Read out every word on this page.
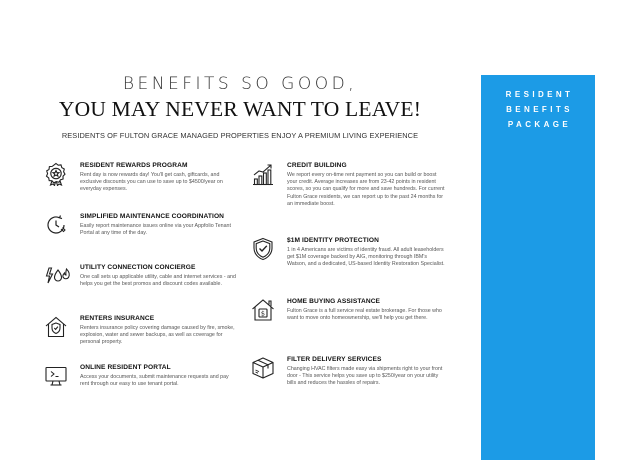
BENEFITS SO GOOD,
YOU MAY NEVER WANT TO LEAVE!
RESIDENTS OF FULTON GRACE MANAGED PROPERTIES ENJOY A PREMIUM LIVING EXPERIENCE
RESIDENT
BENEFITS
PACKAGE
RESIDENT REWARDS PROGRAM
Rent day is now rewards day! You'll get cash, giftcards, and exclusive discounts you can use to save up to $4500/year on everyday expenses.
SIMPLIFIED MAINTENANCE COORDINATION
Easily report maintenance issues online via your Appfolio Tenant Portal at any time of the day.
UTILITY CONNECTION CONCIERGE
One call sets up applicable utility, cable and internet services - and helps you get the best promos and discount codes available.
RENTERS INSURANCE
Renters insurance policy covering damage caused by fire, smoke, explosion, water and sewer backups, as well as coverage for personal property.
ONLINE RESIDENT PORTAL
Access your documents, submit maintenance requests and pay rent through our easy to use tenant portal.
CREDIT BUILDING
We report every on-time rent payment so you can build or boost your credit. Average increases are from 23-42 points in resident scores, so you can qualify for more and save hundreds. For current Fulton Grace residents, we can report up to the past 24 months for an immediate boost.
$1M IDENTITY PROTECTION
1 in 4 Americans are victims of identity fraud. All adult leaseholders get $1M coverage backed by AIG, monitoring through IBM's Watson, and a dedicated, US-based Identity Restoration Specialist.
$
HOME BUYING ASSISTANCE
Fulton Grace is a full service real estate brokerage. For those who want to move onto homeownership, we'll help you get there.
FILTER DELIVERY SERVICES
Changing HVAC filters made easy via shipments right to your front door - This service helps you save up to $250/year on your utility bills and reduces the hassles of repairs.
